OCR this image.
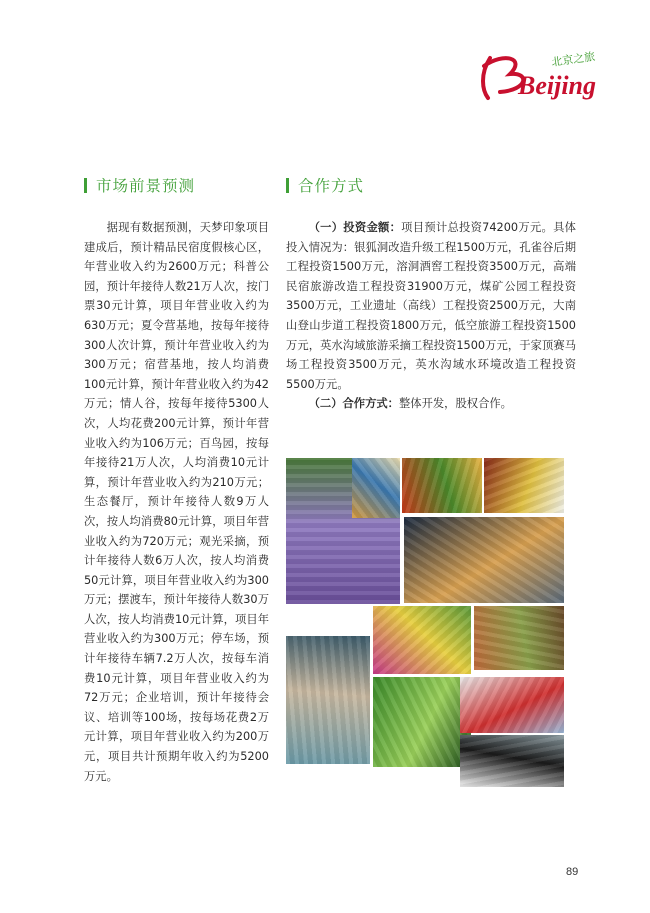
Beijing
北京之旅
市场前景预测

据现有数据预测，天梦印象项目建成后，预计精品民宿度假核心区，年营业收入约为2600万元；科普公园，预计年接待人数21万人次，按门票30元计算，项目年营业收入约为630万元；夏令营基地，按每年接待300人次计算，预计年营业收入约为300万元；宿营基地，按人均消费100元计算，预计年营业收入约为42万元；情人谷，按每年接待5300人次，人均花费200元计算，预计年营业收入约为106万元；百鸟园，按每年接待21万人次，人均消费10元计算，预计年营业收入约为210万元；生态餐厅，预计年接待人数9万人次，按人均消费80元计算，项目年营业收入约为720万元；观光采摘，预计年接待人数6万人次，按人均消费50元计算，项目年营业收入约为300万元；摆渡车，预计年接待人数30万人次，按人均消费10元计算，项目年营业收入约为300万元；停车场，预计年接待车辆7.2万人次，按每车消费10元计算，项目年营业收入约为72万元；企业培训，预计年接待会议、培训等100场，按每场花费2万元计算，项目年营业收入约为200万元，项目共计预期年收入约为5200万元。

合作方式

（一）投资金额：项目预计总投资74200万元。具体投入情况为：银狐洞改造升级工程1500万元，孔雀谷后期工程投资1500万元，溶洞酒窖工程投资3500万元，高端民宿旅游改造工程投资31900万元，煤矿公园工程投资3500万元，工业遗址（高线）工程投资2500万元，大南山登山步道工程投资1800万元，低空旅游工程投资1500万元，英水沟域旅游采摘工程投资1500万元，于家顶赛马场工程投资3500万元，英水沟域水环境改造工程投资5500万元。

（二）合作方式：整体开发，股权合作。

89
